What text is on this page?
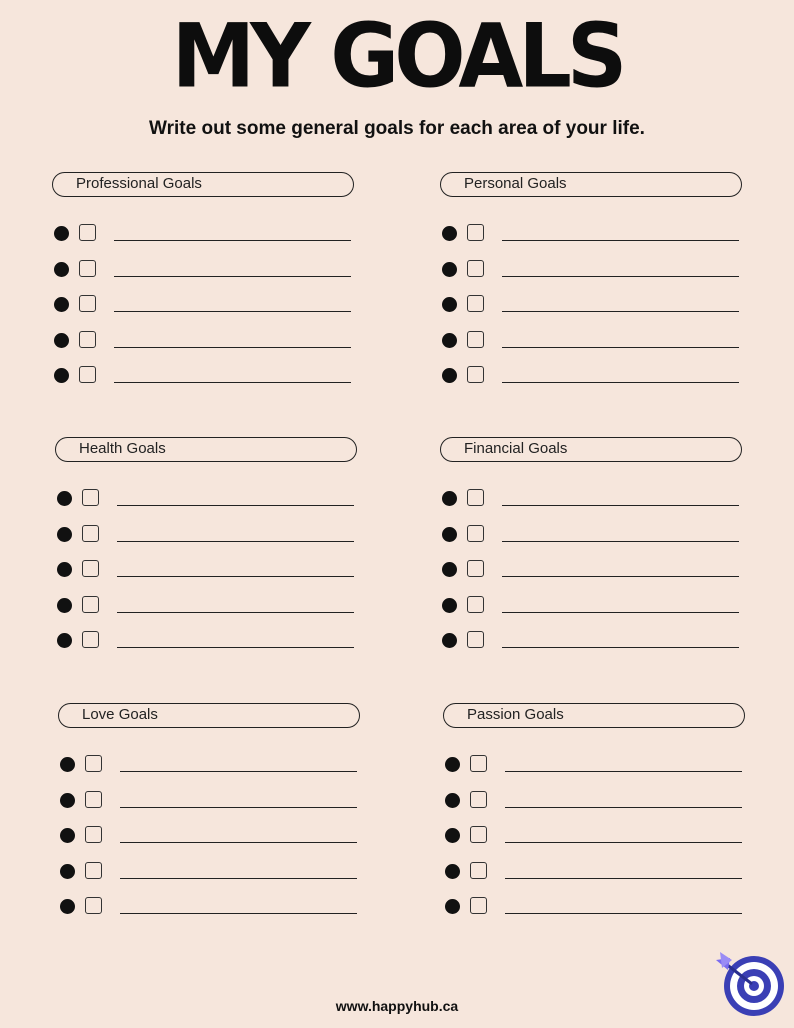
MY GOALS
Write out some general goals for each area of your life.
Professional Goals	Personal Goals
Health Goals	Financial Goals
Love Goals	Passion Goals
www.happyhub.ca
